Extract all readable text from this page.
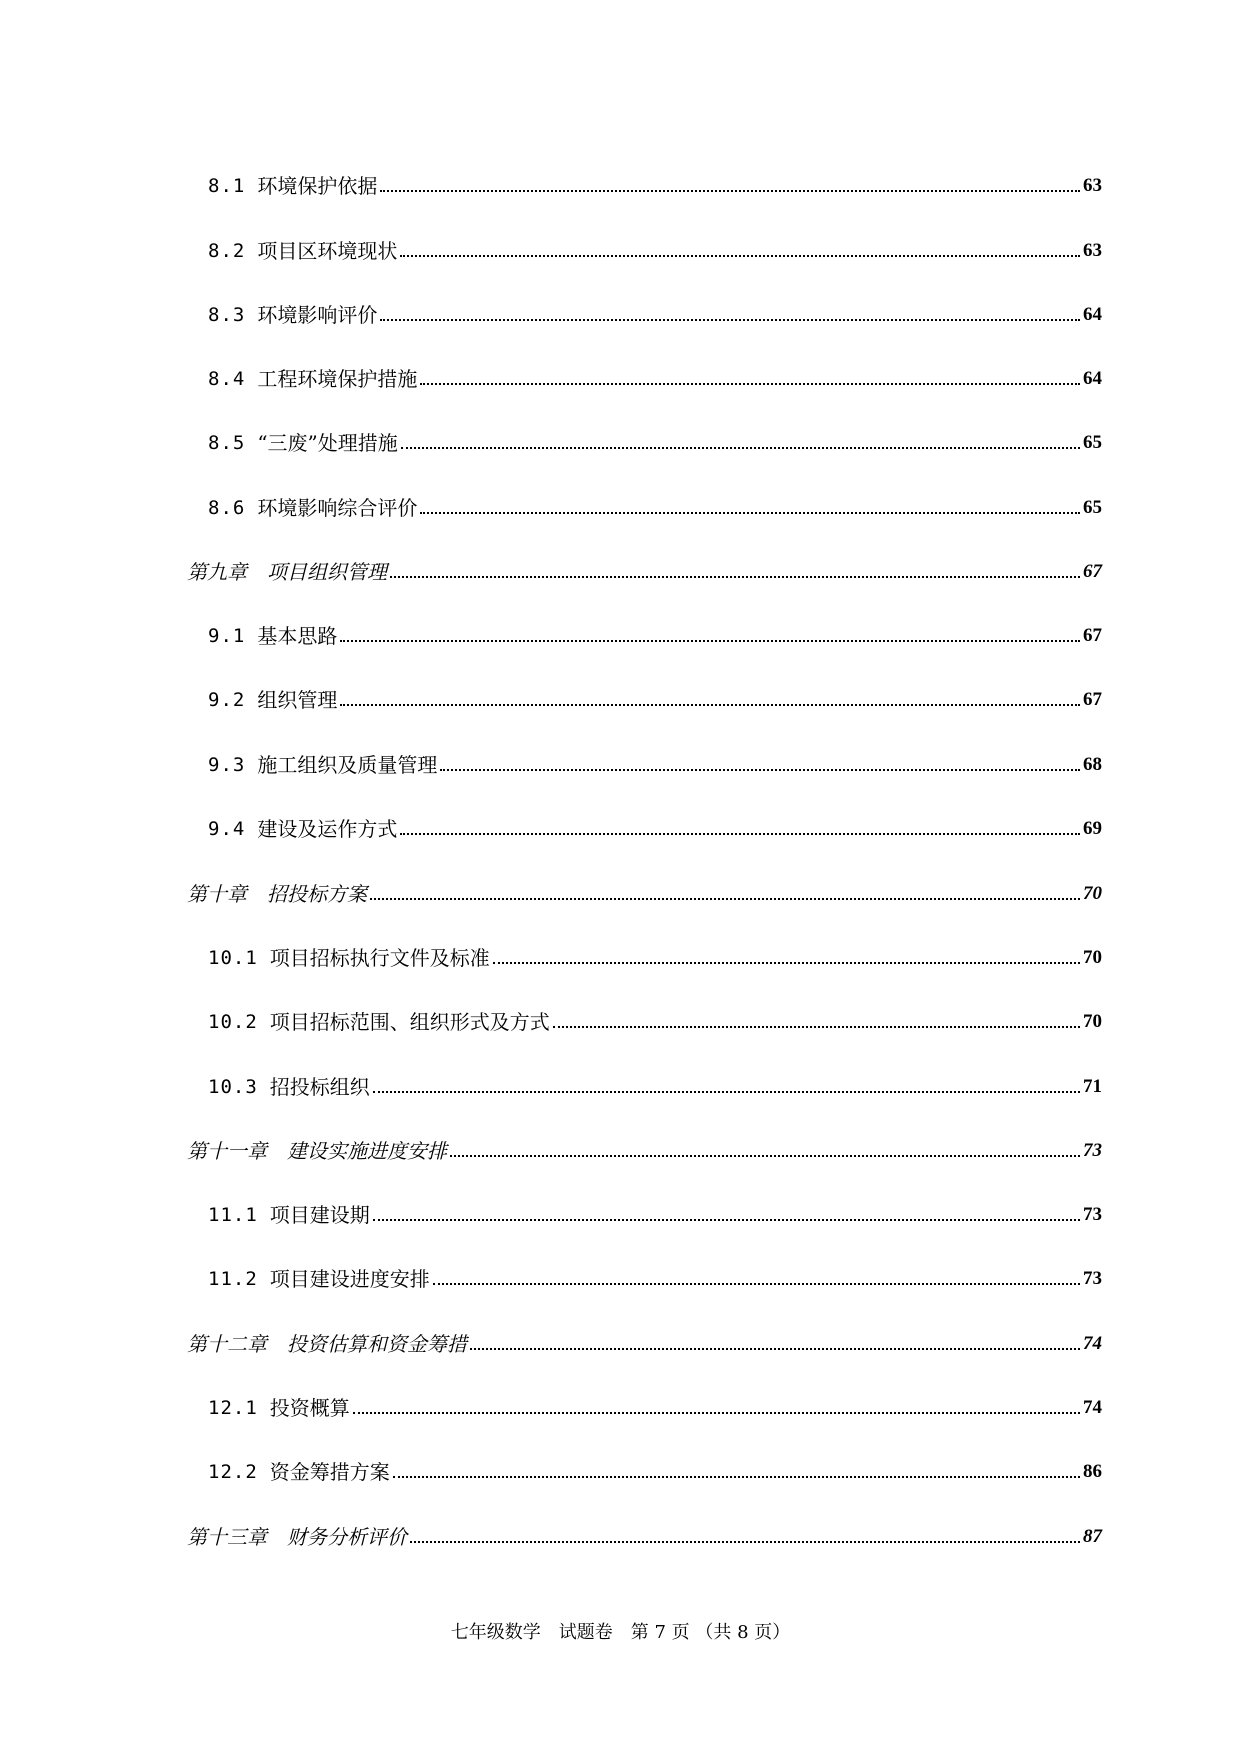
8.1 环境保护依据	63
8.2 项目区环境现状	63
8.3 环境影响评价	64
8.4 工程环境保护措施	64
8.5 “三废”处理措施	65
8.6 环境影响综合评价	65
第九章　项目组织管理	67
9.1 基本思路	67
9.2 组织管理	67
9.3 施工组织及质量管理	68
9.4 建设及运作方式	69
第十章　招投标方案	70
10.1 项目招标执行文件及标准	70
10.2 项目招标范围、组织形式及方式	70
10.3 招投标组织	71
第十一章　建设实施进度安排	73
11.1 项目建设期	73
11.2 项目建设进度安排	73
第十二章　投资估算和资金筹措	74
12.1 投资概算	74
12.2 资金筹措方案	86
第十三章　财务分析评价	87
七年级数学　试题卷　第 7 页 （共 8 页）
